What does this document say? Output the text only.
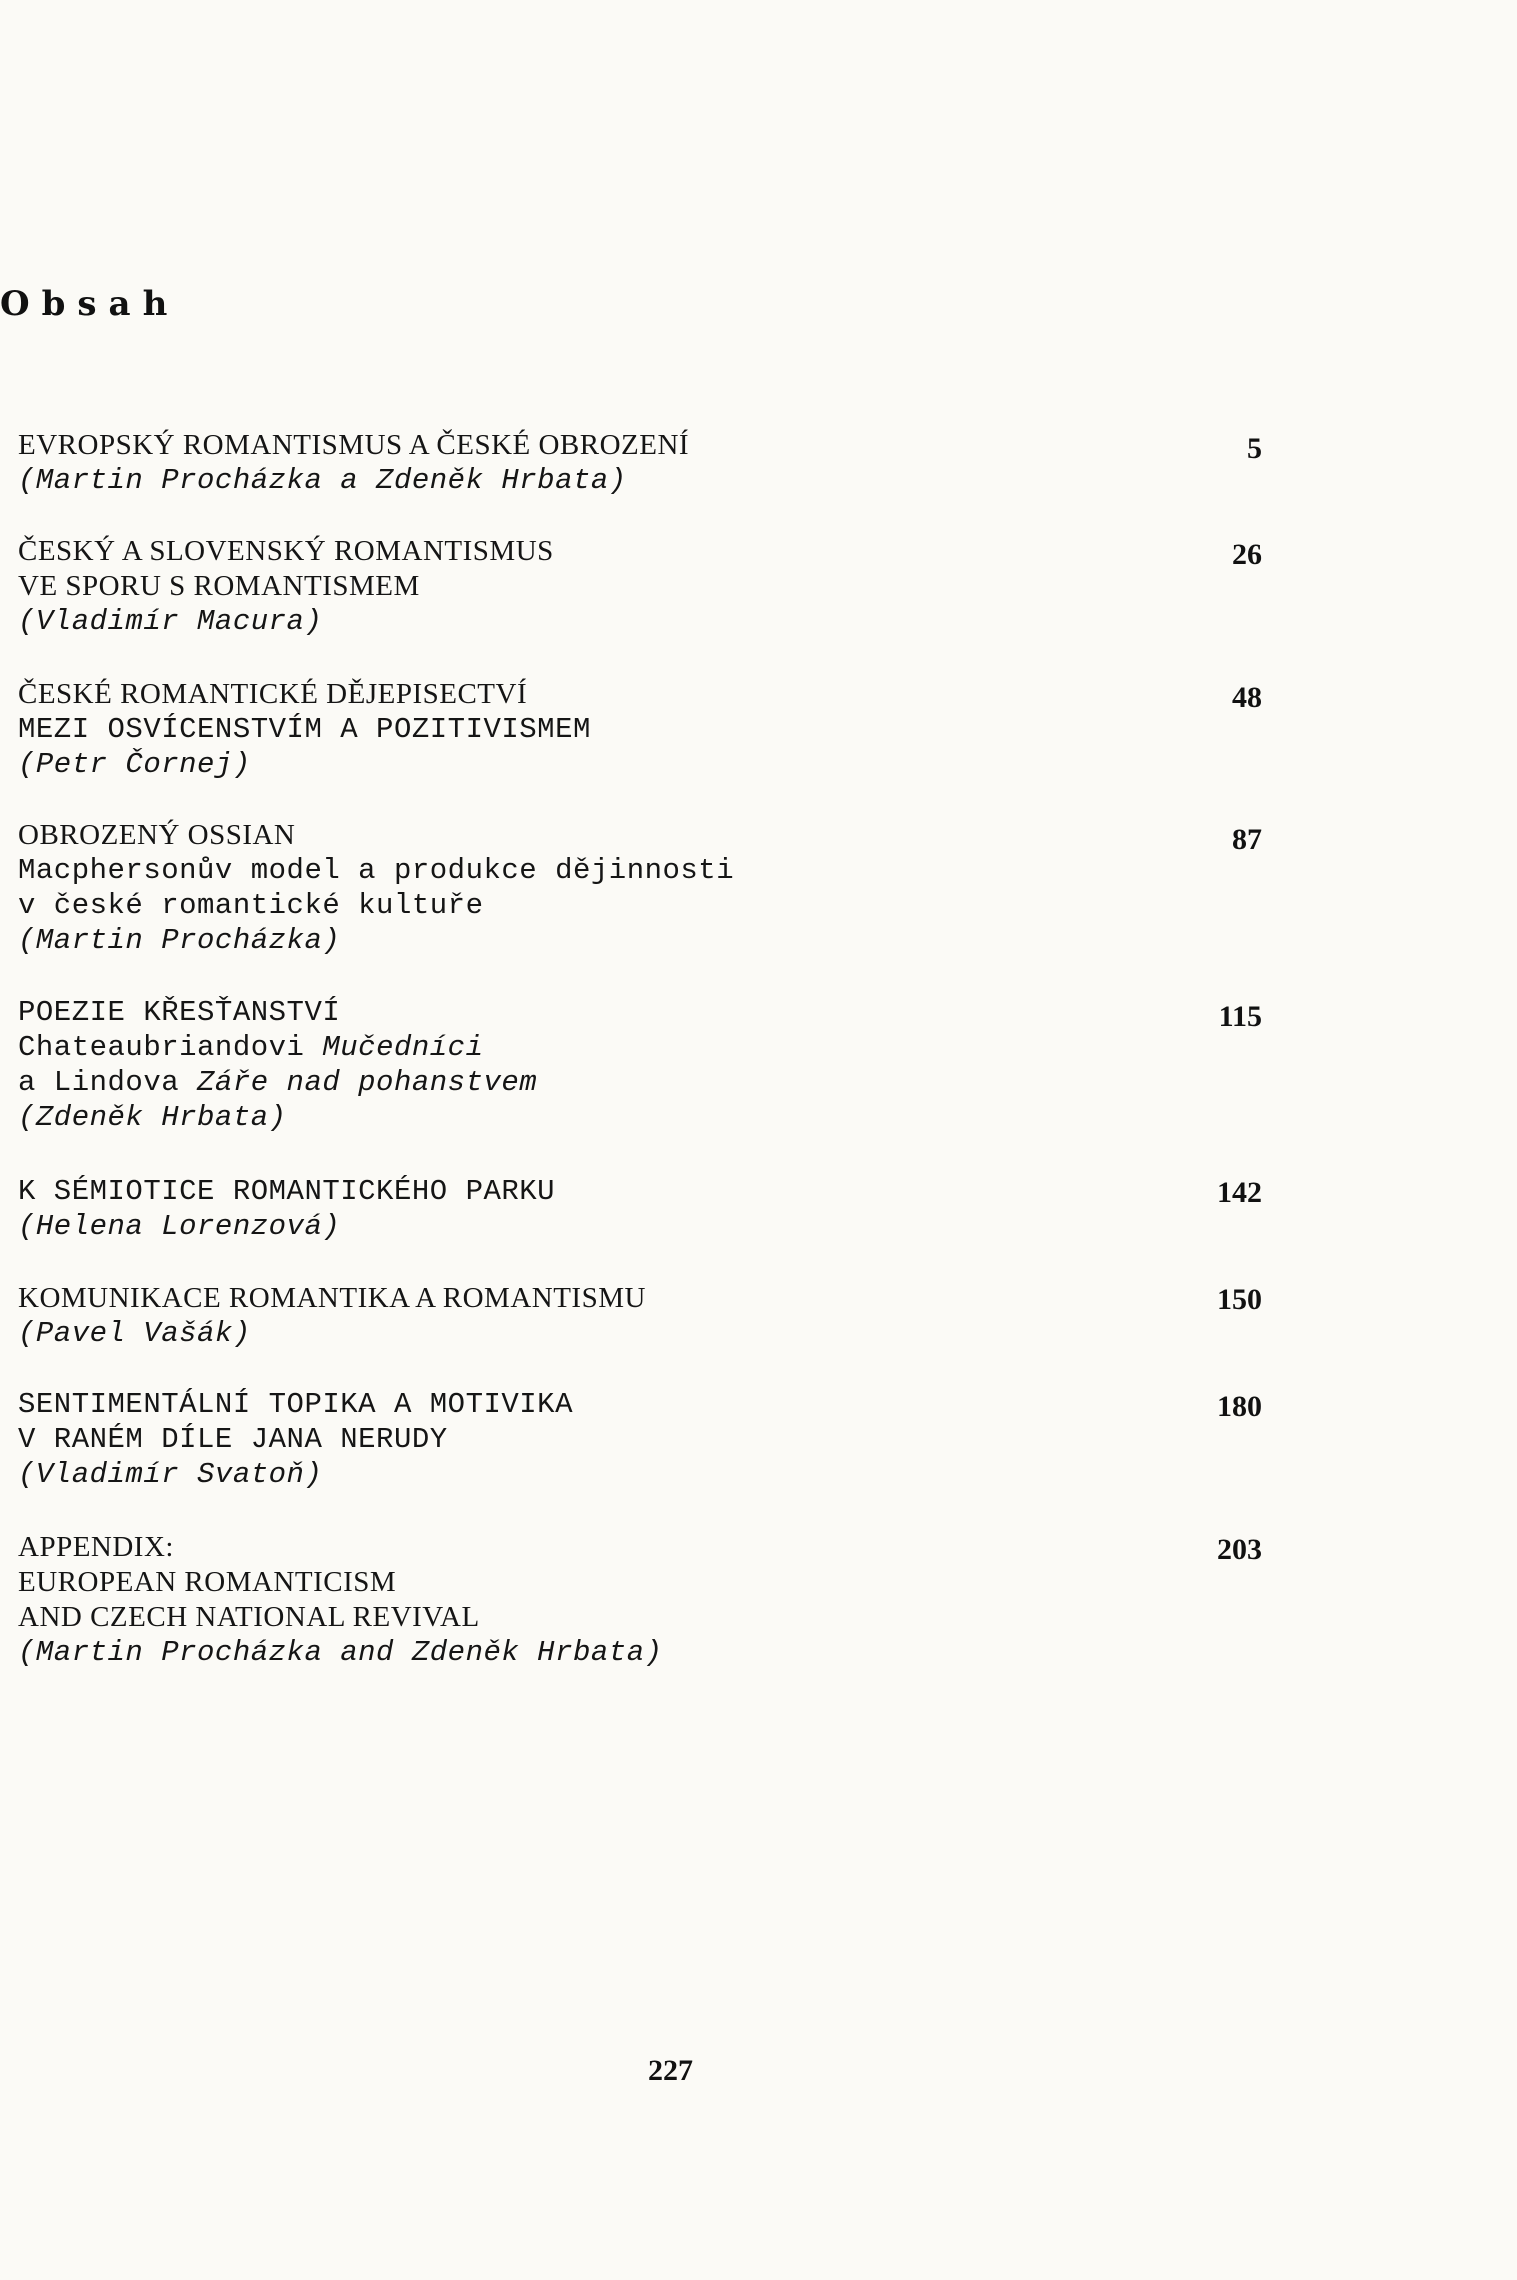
Obsah
EVROPSKÝ ROMANTISMUS A ČESKÉ OBROZENÍ
(Martin Procházka a Zdeněk Hrbata)
5
ČESKÝ A SLOVENSKÝ ROMANTISMUS
VE SPORU S ROMANTISMEM
(Vladimír Macura)
26
ČESKÉ ROMANTICKÉ DĚJEPISECTVÍ
MEZI OSVÍCENSTVÍM A POZITIVISMEM
(Petr Čornej)
48
OBROZENÝ OSSIAN
Macphersonův model a produkce dějinnosti
v české romantické kultuře
(Martin Procházka)
87
POEZIE KŘESŤANSTVÍ
Chateaubriandovi Mučedníci
a Lindova Záře nad pohanstvem
(Zdeněk Hrbata)
115
K SÉMIOTICE ROMANTICKÉHO PARKU
(Helena Lorenzová)
142
KOMUNIKACE ROMANTIKA A ROMANTISMU
(Pavel Vašák)
150
SENTIMENTÁLNÍ TOPIKA A MOTIVIKA
V RANÉM DÍLE JANA NERUDY
(Vladimír Svatoň)
180
APPENDIX:
EUROPEAN ROMANTICISM
AND CZECH NATIONAL REVIVAL
(Martin Procházka and Zdeněk Hrbata)
203
227
